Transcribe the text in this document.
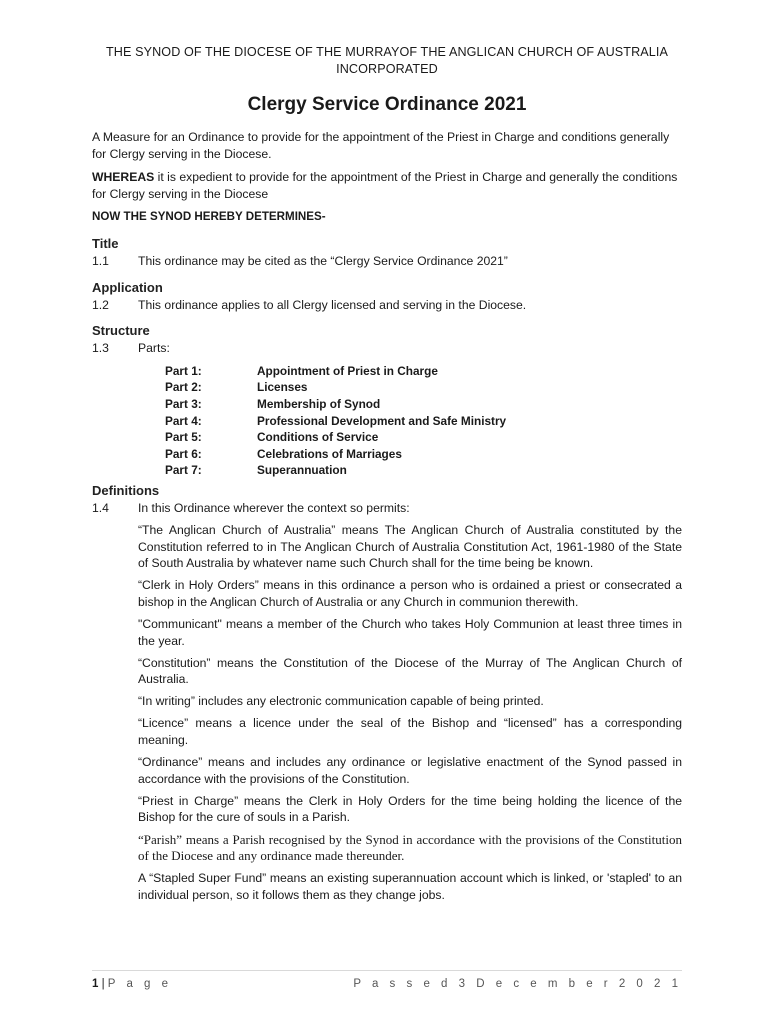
THE SYNOD OF THE DIOCESE OF THE MURRAYOF THE ANGLICAN CHURCH OF AUSTRALIA
INCORPORATED
Clergy Service Ordinance 2021

A Measure for an Ordinance to provide for the appointment of the Priest in Charge and conditions generally for Clergy serving in the Diocese.

WHEREAS it is expedient to provide for the appointment of the Priest in Charge and generally the conditions for Clergy serving in the Diocese

NOW THE SYNOD HEREBY DETERMINES-

Title
1.1	This ordinance may be cited as the “Clergy Service Ordinance 2021”
Application
1.2	This ordinance applies to all Clergy licensed and serving in the Diocese.
Structure
1.3	Parts:
Part 1:	Appointment of Priest in Charge
Part 2:	Licenses
Part 3:	Membership of Synod
Part 4:	Professional Development and Safe Ministry
Part 5:	Conditions of Service
Part 6:	Celebrations of Marriages
Part 7:	Superannuation
Definitions
1.4	In this Ordinance wherever the context so permits:

“The Anglican Church of Australia” means The Anglican Church of Australia constituted by the Constitution referred to in The Anglican Church of Australia Constitution Act, 1961-1980 of the State of South Australia by whatever name such Church shall for the time being be known.

“Clerk in Holy Orders” means in this ordinance a person who is ordained a priest or consecrated a bishop in the Anglican Church of Australia or any Church in communion therewith.

"Communicant" means a member of the Church who takes Holy Communion at least three times in the year.

“Constitution” means the Constitution of the Diocese of the Murray of The Anglican Church of Australia.

“In writing” includes any electronic communication capable of being printed.

“Licence” means a licence under the seal of the Bishop and “licensed” has a corresponding meaning.

“Ordinance” means and includes any ordinance or legislative enactment of the Synod passed in accordance with the provisions of the Constitution.

“Priest in Charge” means the Clerk in Holy Orders for the time being holding the licence of the Bishop for the cure of souls in a Parish.

“Parish” means a Parish recognised by the Synod in accordance with the provisions of the Constitution of the Diocese and any ordinance made thereunder.

A “Stapled Super Fund” means an existing superannuation account which is linked, or 'stapled' to an individual person, so it follows them as they change jobs.

1 | P a g e	P a s s e d 3 D e c e m b e r 2 0 2 1
